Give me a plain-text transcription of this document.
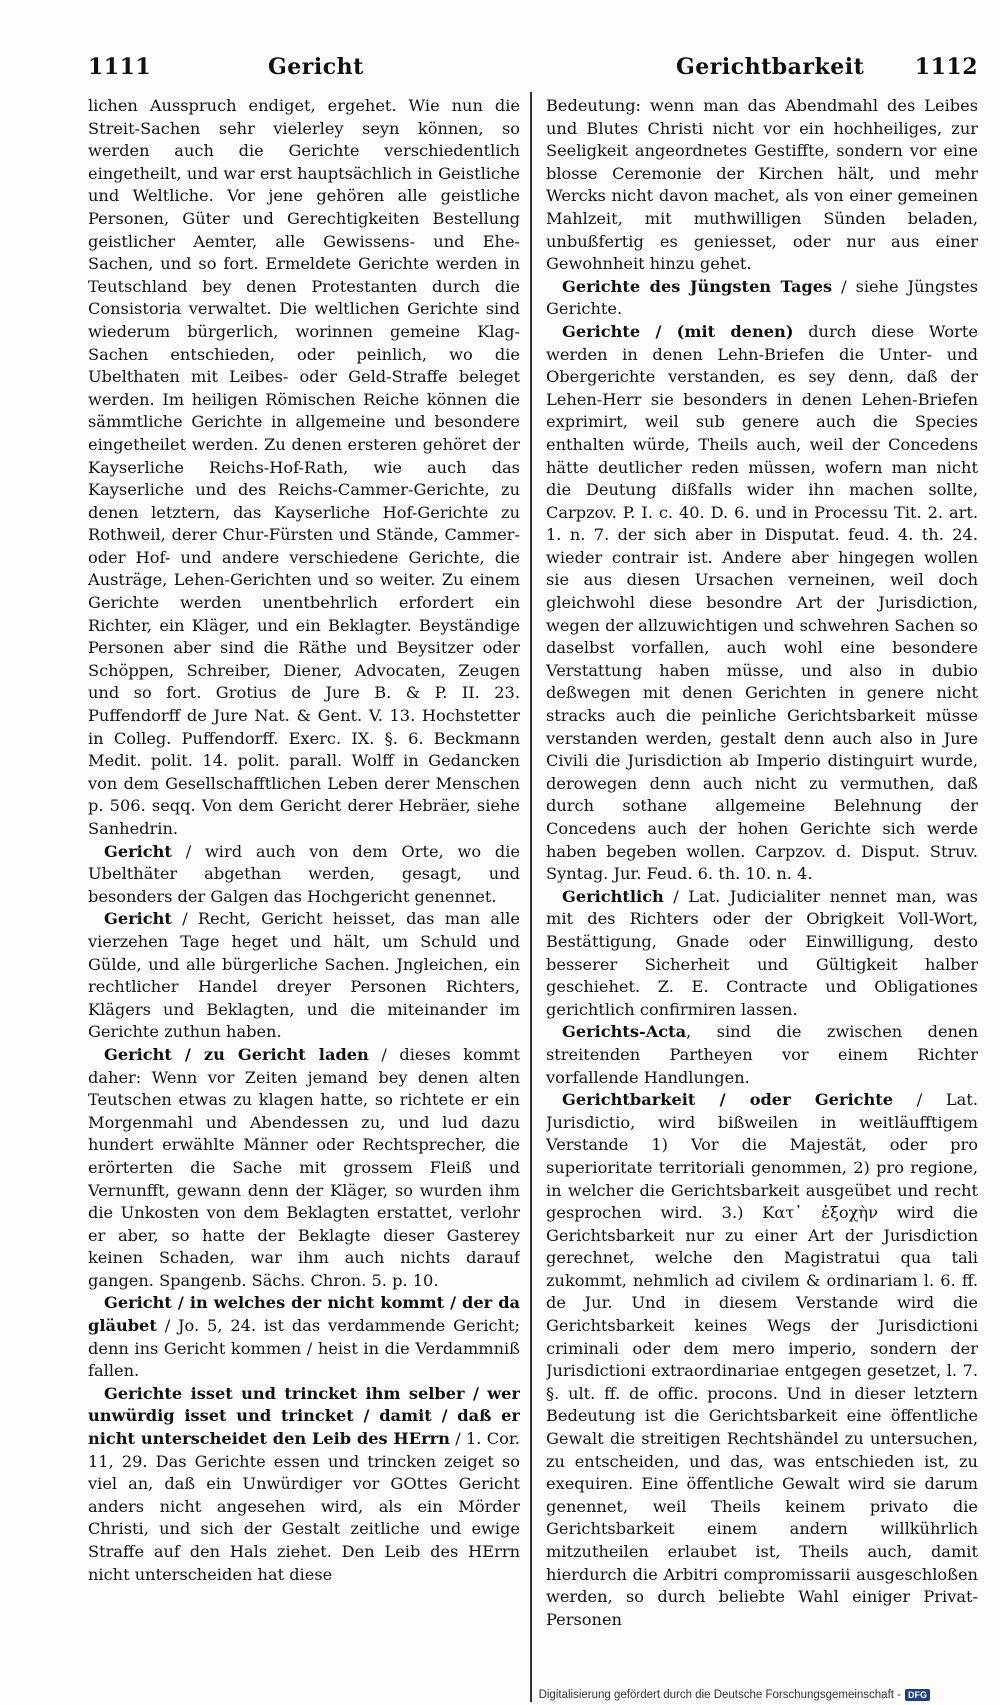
1111	Gericht	Gerichtbarkeit 1112

lichen Ausspruch endiget, ergehet. Wie nun die Streit-Sachen sehr vielerley seyn können, so werden auch die Gerichte verschiedentlich eingetheilt, und war erst hauptsächlich in Geistliche und Weltliche. Vor jene gehören alle geistliche Personen, Güter und Gerechtigkeiten Bestellung geistlicher Aemter, alle Gewissens- und Ehe-Sachen, und so fort. Ermeldete Gerichte werden in Teutschland bey denen Protestanten durch die Consistoria verwaltet. Die weltlichen Gerichte sind wiederum bürgerlich, worinnen gemeine Klag-Sachen entschieden, oder peinlich, wo die Ubelthaten mit Leibes- oder Geld-Straffe beleget werden. Im heiligen Römischen Reiche können die sämmtliche Gerichte in allgemeine und besondere eingetheilet werden. Zu denen ersteren gehöret der Kayserliche Reichs-Hof-Rath, wie auch das Kayserliche und des Reichs-Cammer-Gerichte, zu denen letztern, das Kayserliche Hof-Gerichte zu Rothweil, derer Chur-Fürsten und Stände, Cammer- oder Hof- und andere verschiedene Gerichte, die Austräge, Lehen-Gerichten und so weiter. Zu einem Gerichte werden unentbehrlich erfordert ein Richter, ein Kläger, und ein Beklagter. Beyständige Personen aber sind die Räthe und Beysitzer oder Schöppen, Schreiber, Diener, Advocaten, Zeugen und so fort. Grotius de Jure B. & P. II. 23. Puffendorff de Jure Nat. & Gent. V. 13. Hochstetter in Colleg. Puffendorff. Exerc. IX. §. 6. Beckmann Medit. polit. 14. polit. parall. Wolff in Gedancken von dem Gesellschafftlichen Leben derer Menschen p. 506. seqq. Von dem Gericht derer Hebräer, siehe Sanhedrin.

Gericht / wird auch von dem Orte, wo die Ubelthäter abgethan werden, gesagt, und besonders der Galgen das Hochgericht genennet.

Gericht / Recht, Gericht heisset, das man alle vierzehen Tage heget und hält, um Schuld und Gülde, und alle bürgerliche Sachen. Jngleichen, ein rechtlicher Handel dreyer Personen Richters, Klägers und Beklagten, und die miteinander im Gerichte zuthun haben.

Gericht / zu Gericht laden / dieses kommt daher: Wenn vor Zeiten jemand bey denen alten Teutschen etwas zu klagen hatte, so richtete er ein Morgenmahl und Abendessen zu, und lud dazu hundert erwählte Männer oder Rechtsprecher, die erörterten die Sache mit grossem Fleiß und Vernunfft, gewann denn der Kläger, so wurden ihm die Unkosten von dem Beklagten erstattet, verlohr er aber, so hatte der Beklagte dieser Gasterey keinen Schaden, war ihm auch nichts darauf gangen. Spangenb. Sächs. Chron. 5. p. 10.

Gericht / in welches der nicht kommt / der da gläubet / Jo. 5, 24. ist das verdammende Gericht; denn ins Gericht kommen / heist in die Verdammniß fallen.

Gerichte isset und trincket ihm selber / wer unwürdig isset und trincket / damit / daß er nicht unterscheidet den Leib des HErrn / 1. Cor. 11, 29. Das Gerichte essen und trincken zeiget so viel an, daß ein Unwürdiger vor GOttes Gericht anders nicht angesehen wird, als ein Mörder Christi, und sich der Gestalt zeitliche und ewige Straffe auf den Hals ziehet. Den Leib des HErrn nicht unterscheiden hat diese

Bedeutung: wenn man das Abendmahl des Leibes und Blutes Christi nicht vor ein hochheiliges, zur Seeligkeit angeordnetes Gestiffte, sondern vor eine blosse Ceremonie der Kirchen hält, und mehr Wercks nicht davon machet, als von einer gemeinen Mahlzeit, mit muthwilligen Sünden beladen, unbußfertig es geniesset, oder nur aus einer Gewohnheit hinzu gehet.

Gerichte des Jüngsten Tages / siehe Jüngstes Gerichte.

Gerichte / (mit denen) durch diese Worte werden in denen Lehn-Briefen die Unter- und Obergerichte verstanden, es sey denn, daß der Lehen-Herr sie besonders in denen Lehen-Briefen exprimirt, weil sub genere auch die Species enthalten würde, Theils auch, weil der Concedens hätte deutlicher reden müssen, wofern man nicht die Deutung dißfalls wider ihn machen sollte, Carpzov. P. I. c. 40. D. 6. und in Processu Tit. 2. art. 1. n. 7. der sich aber in Disputat. feud. 4. th. 24. wieder contrair ist. Andere aber hingegen wollen sie aus diesen Ursachen verneinen, weil doch gleichwohl diese besondre Art der Jurisdiction, wegen der allzuwichtigen und schwehren Sachen so daselbst vorfallen, auch wohl eine besondere Verstattung haben müsse, und also in dubio deßwegen mit denen Gerichten in genere nicht stracks auch die peinliche Gerichtsbarkeit müsse verstanden werden, gestalt denn auch also in Jure Civili die Jurisdiction ab Imperio distinguirt wurde, derowegen denn auch nicht zu vermuthen, daß durch sothane allgemeine Belehnung der Concedens auch der hohen Gerichte sich werde haben begeben wollen. Carpzov. d. Disput. Struv. Syntag. Jur. Feud. 6. th. 10. n. 4.

Gerichtlich / Lat. Judicialiter nennet man, was mit des Richters oder der Obrigkeit Voll-Wort, Bestättigung, Gnade oder Einwilligung, desto besserer Sicherheit und Gültigkeit halber geschiehet. Z. E. Contracte und Obligationes gerichtlich confirmiren lassen.

Gerichts-Acta, sind die zwischen denen streitenden Partheyen vor einem Richter vorfallende Handlungen.

Gerichtbarkeit / oder Gerichte / Lat. Jurisdictio, wird bißweilen in weitläufftigem Verstande 1) Vor die Majestät, oder pro superioritate territoriali genommen, 2) pro regione, in welcher die Gerichtsbarkeit ausgeübet und recht gesprochen wird. 3.) Κατ᾽ ἐξοχὴν wird die Gerichtsbarkeit nur zu einer Art der Jurisdiction gerechnet, welche den Magistratui qua tali zukommt, nehmlich ad civilem & ordinariam l. 6. ff. de Jur. Und in diesem Verstande wird die Gerichtsbarkeit keines Wegs der Jurisdictioni criminali oder dem mero imperio, sondern der Jurisdictioni extraordinariae entgegen gesetzet, l. 7. §. ult. ff. de offic. procons. Und in dieser letztern Bedeutung ist die Gerichtsbarkeit eine öffentliche Gewalt die streitigen Rechtshändel zu untersuchen, zu entscheiden, und das, was entschieden ist, zu exequiren. Eine öffentliche Gewalt wird sie darum genennet, weil Theils keinem privato die Gerichtsbarkeit einem andern willkührlich mitzutheilen erlaubet ist, Theils auch, damit hierdurch die Arbitri compromissarii ausgeschloßen werden, so durch beliebte Wahl einiger Privat-Personen

Digitalisierung gefördert durch die Deutsche Forschungsgemeinschaft - DFG
